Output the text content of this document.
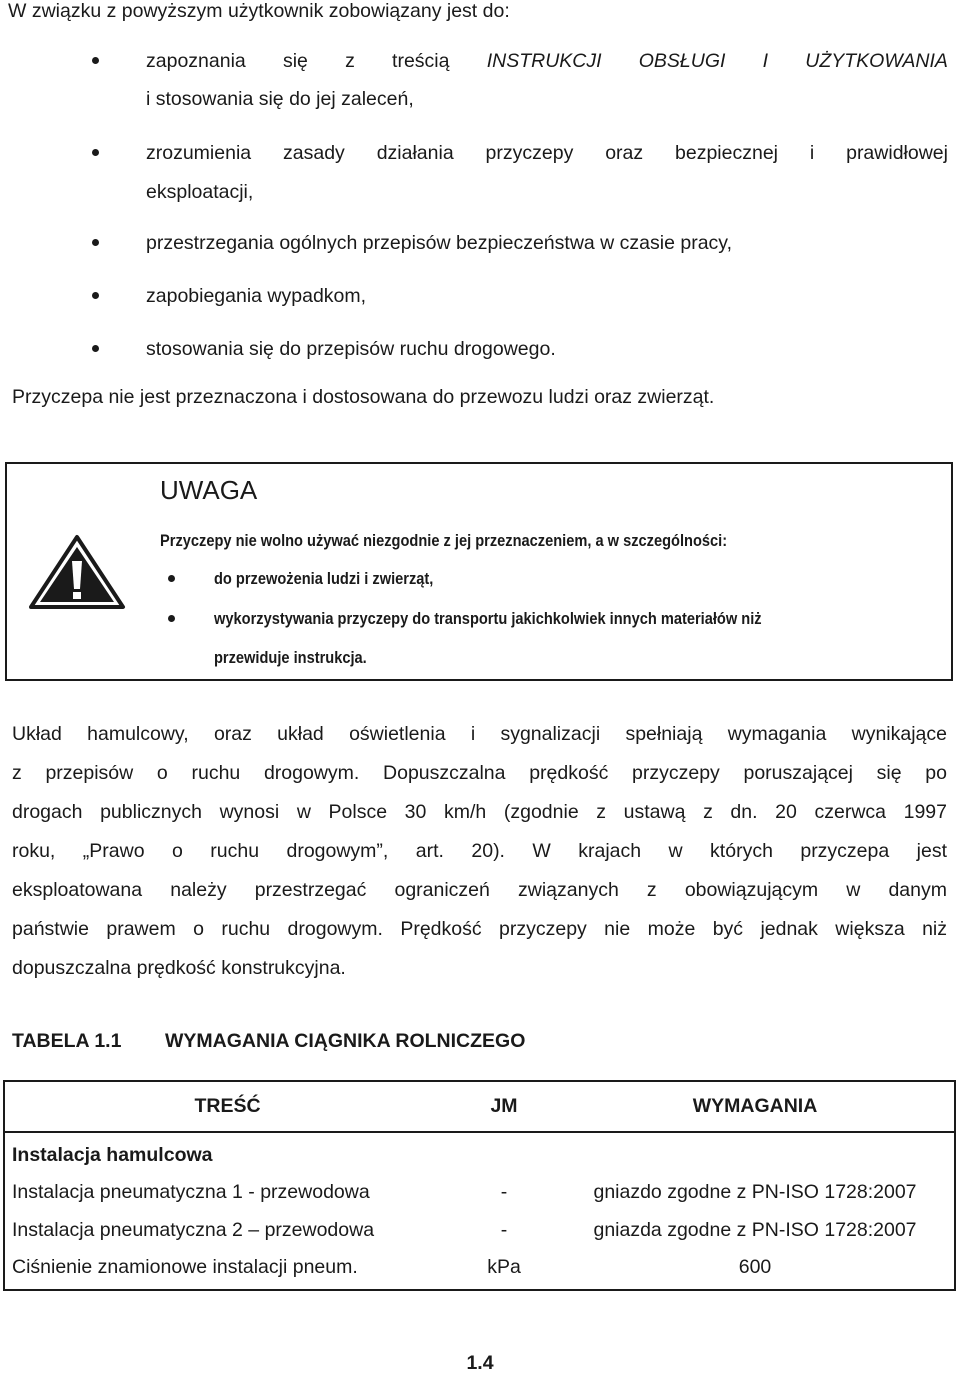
W związku z powyższym użytkownik zobowiązany jest do:
zapoznania się z treścią INSTRUKCJI OBSŁUGI I UŻYTKOWANIA
i stosowania się do jej zaleceń,
zrozumienia zasady działania przyczepy oraz bezpiecznej i prawidłowej
eksploatacji,
przestrzegania ogólnych przepisów bezpieczeństwa w czasie pracy,
zapobiegania wypadkom,
stosowania się do przepisów ruchu drogowego.
Przyczepa nie jest przeznaczona i dostosowana do przewozu ludzi oraz zwierząt.
UWAGA
Przyczepy nie wolno używać niezgodnie z jej przeznaczeniem, a w szczególności:
do przewożenia ludzi i zwierząt,
wykorzystywania przyczepy do transportu jakichkolwiek innych materiałów niż
przewiduje instrukcja.
Układ hamulcowy, oraz układ oświetlenia i sygnalizacji spełniają wymagania wynikające
z przepisów o ruchu drogowym. Dopuszczalna prędkość przyczepy poruszającej się po
drogach publicznych wynosi w Polsce 30 km/h (zgodnie z ustawą z dn. 20 czerwca 1997
roku, „Prawo o ruchu drogowym”, art. 20). W krajach w których przyczepa jest
eksploatowana należy przestrzegać ograniczeń związanych z obowiązującym w danym
państwie prawem o ruchu drogowym. Prędkość przyczepy nie może być jednak większa niż
dopuszczalna prędkość konstrukcyjna.
TABELA 1.1 WYMAGANIA CIĄGNIKA ROLNICZEGO
TREŚĆ	JM	WYMAGANIA
Instalacja hamulcowa
Instalacja pneumatyczna 1 - przewodowa	-	gniazdo zgodne z PN-ISO 1728:2007
Instalacja pneumatyczna 2 – przewodowa	-	gniazda zgodne z PN-ISO 1728:2007
Ciśnienie znamionowe instalacji pneum.	kPa	600
1.4
